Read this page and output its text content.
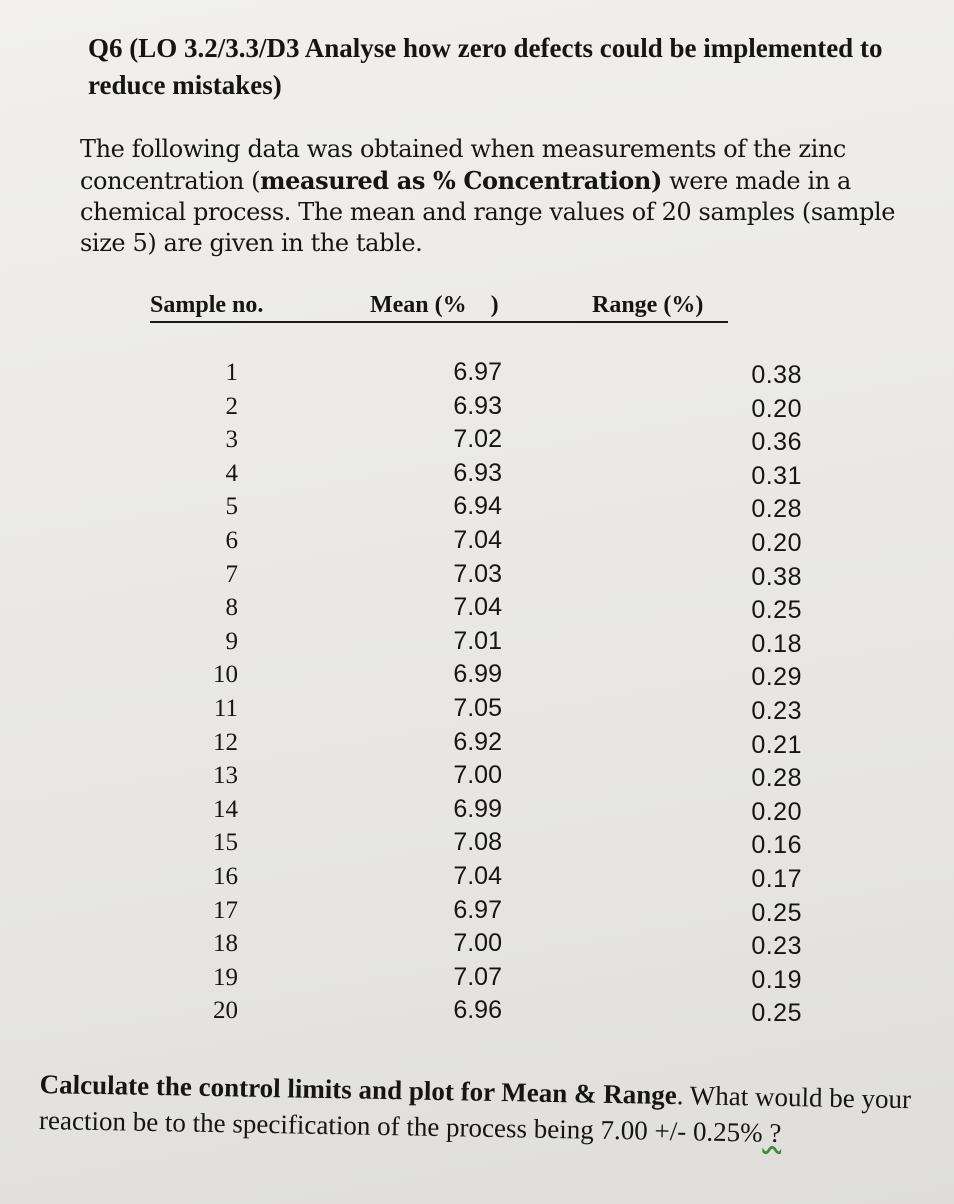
Q6 (LO 3.2/3.3/D3 Analyse how zero defects could be implemented to reduce mistakes)
The following data was obtained when measurements of the zinc concentration (measured as % Concentration) were made in a chemical process. The mean and range values of 20 samples (sample size 5) are given in the table.
Sample no.	Mean (%    )	Range (%)
1
2
3
4
5
6
7
8
9
10
11
12
13
14
15
16
17
18
19
20
6.97
6.93
7.02
6.93
6.94
7.04
7.03
7.04
7.01
6.99
7.05
6.92
7.00
6.99
7.08
7.04
6.97
7.00
7.07
6.96
0.38
0.20
0.36
0.31
0.28
0.20
0.38
0.25
0.18
0.29
0.23
0.21
0.28
0.20
0.16
0.17
0.25
0.23
0.19
0.25
Calculate the control limits and plot for Mean & Range. What would be your reaction be to the specification of the process being 7.00 +/- 0.25% ?
